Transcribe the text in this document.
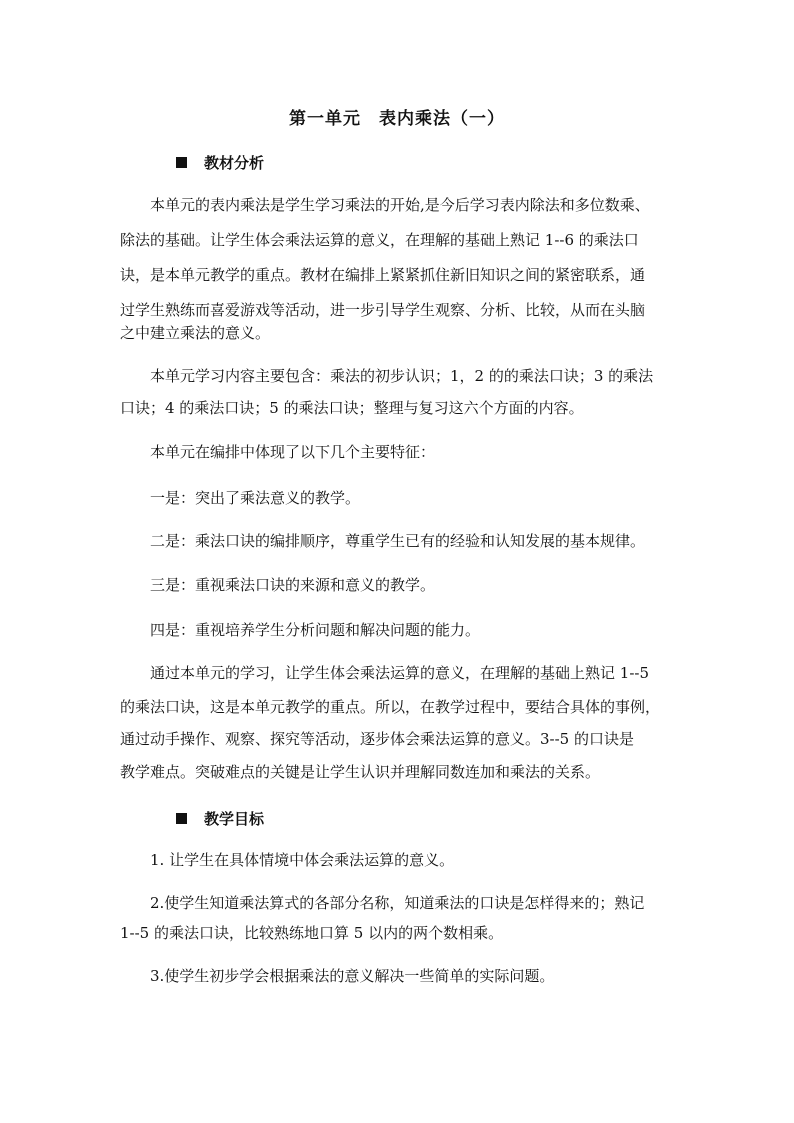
第一单元　表内乘法（一）
教材分析
本单元的表内乘法是学生学习乘法的开始,是今后学习表内除法和多位数乘、
除法的基础。让学生体会乘法运算的意义，在理解的基础上熟记 1--6 的乘法口
诀，是本单元教学的重点。教材在编排上紧紧抓住新旧知识之间的紧密联系，通
过学生熟练而喜爱游戏等活动，进一步引导学生观察、分析、比较，从而在头脑
之中建立乘法的意义。
本单元学习内容主要包含：乘法的初步认识；1，2 的的乘法口诀；3 的乘法
口诀；4 的乘法口诀；5 的乘法口诀；整理与复习这六个方面的内容。
本单元在编排中体现了以下几个主要特征：
一是：突出了乘法意义的教学。
二是：乘法口诀的编排顺序，尊重学生已有的经验和认知发展的基本规律。
三是：重视乘法口诀的来源和意义的教学。
四是：重视培养学生分析问题和解决问题的能力。
通过本单元的学习，让学生体会乘法运算的意义，在理解的基础上熟记 1--5
的乘法口诀，这是本单元教学的重点。所以，在教学过程中，要结合具体的事例，
通过动手操作、观察、探究等活动，逐步体会乘法运算的意义。3--5 的口诀是
教学难点。突破难点的关键是让学生认识并理解同数连加和乘法的关系。
教学目标
1. 让学生在具体情境中体会乘法运算的意义。
2.使学生知道乘法算式的各部分名称，知道乘法的口诀是怎样得来的；熟记
1--5 的乘法口诀，比较熟练地口算 5 以内的两个数相乘。
3.使学生初步学会根据乘法的意义解决一些简单的实际问题。
